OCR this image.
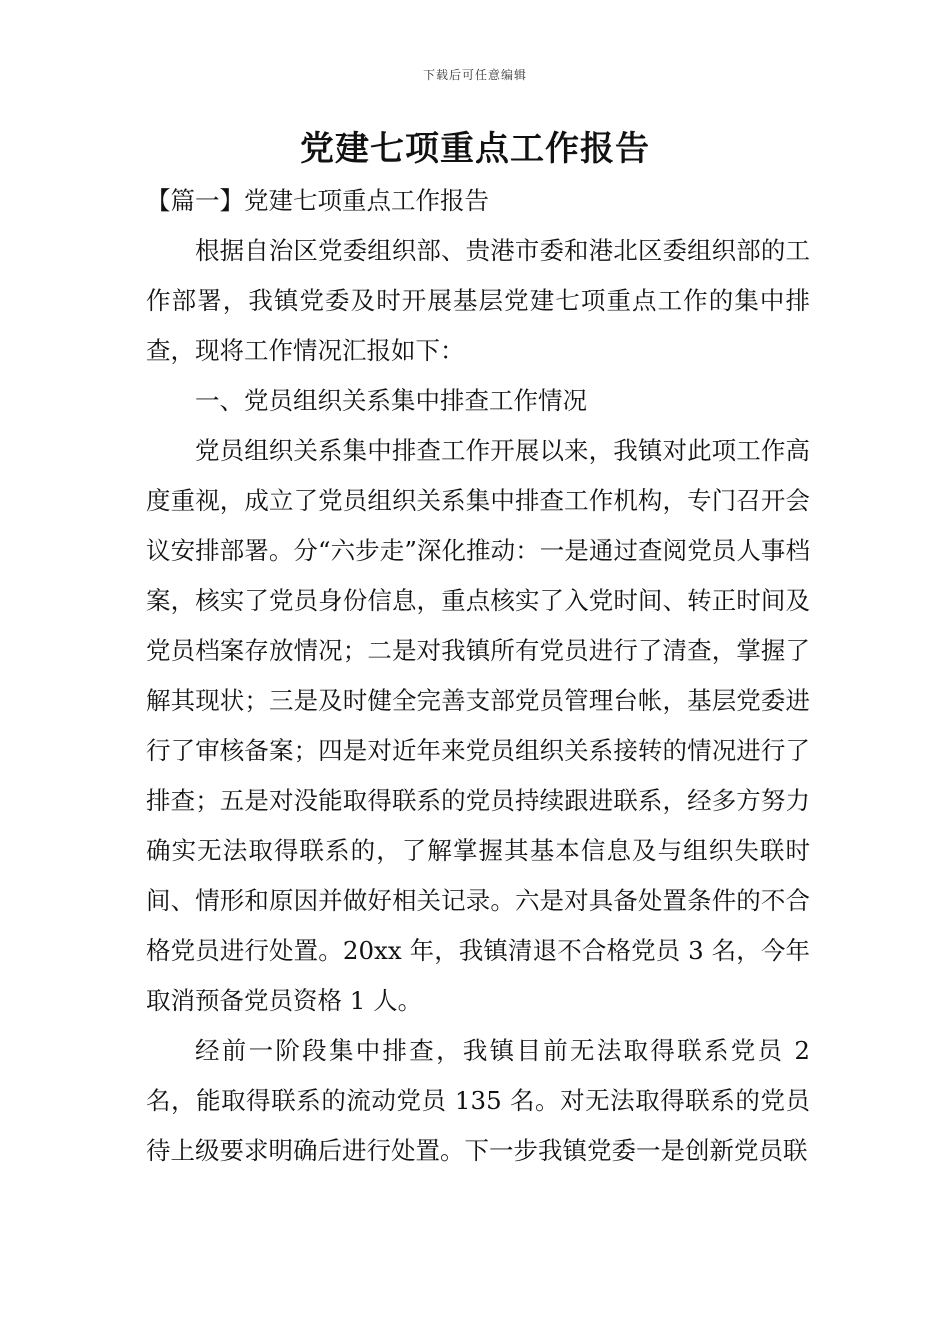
下载后可任意编辑
党建七项重点工作报告

【篇一】党建七项重点工作报告

根据自治区党委组织部、贵港市委和港北区委组织部的工作部署，我镇党委及时开展基层党建七项重点工作的集中排查，现将工作情况汇报如下：

一、党员组织关系集中排查工作情况

党员组织关系集中排查工作开展以来，我镇对此项工作高度重视，成立了党员组织关系集中排查工作机构，专门召开会议安排部署。分“六步走”深化推动：一是通过查阅党员人事档案，核实了党员身份信息，重点核实了入党时间、转正时间及党员档案存放情况；二是对我镇所有党员进行了清查，掌握了解其现状；三是及时健全完善支部党员管理台帐，基层党委进行了审核备案；四是对近年来党员组织关系接转的情况进行了排查；五是对没能取得联系的党员持续跟进联系，经多方努力确实无法取得联系的，了解掌握其基本信息及与组织失联时间、情形和原因并做好相关记录。六是对具备处置条件的不合格党员进行处置。20xx 年，我镇清退不合格党员 3 名，今年取消预备党员资格 1 人。

经前一阶段集中排查，我镇目前无法取得联系党员 2 名，能取得联系的流动党员 135 名。对无法取得联系的党员待上级要求明确后进行处置。下一步我镇党委一是创新党员联
